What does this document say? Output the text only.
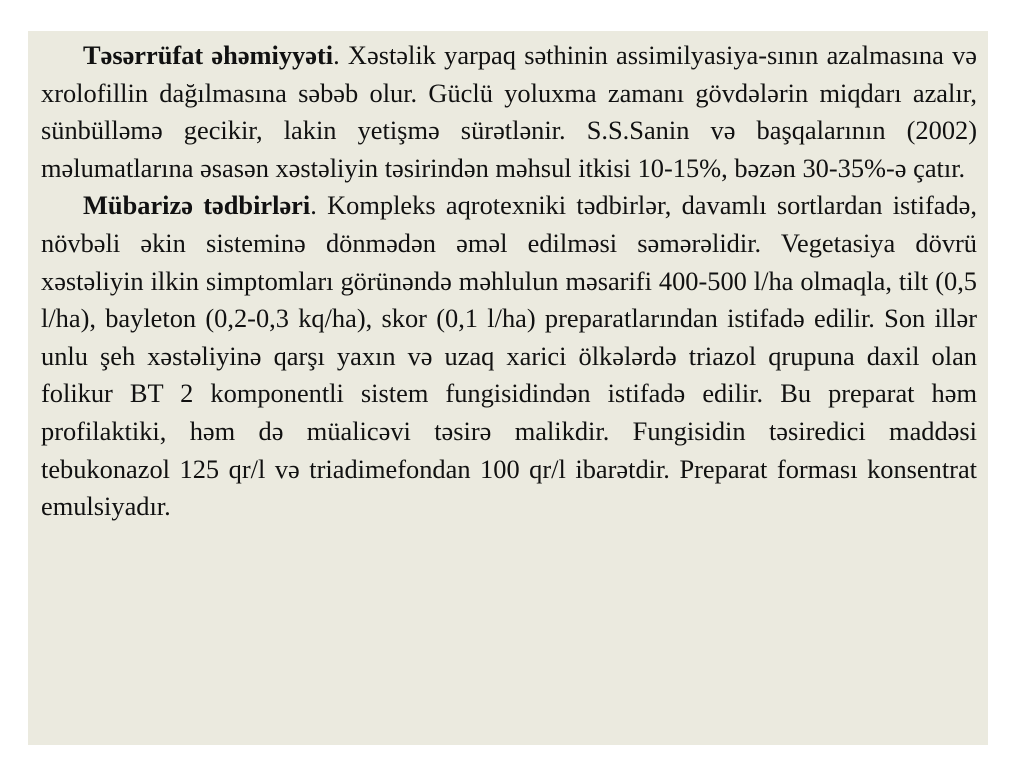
Təsərrüfat əhəmiyyəti. Xəstəlik yarpaq səthinin assimilyasiya-sının azalmasına və xrolofillin dağılmasına səbəb olur. Güclü yoluxma zamanı gövdələrin miqdarı azalır, sünbülləmə gecikir, lakin yetişmə sürətlənir. S.S.Sanin və başqalarının (2002) məlumatlarına əsasən xəstəliyin təsirindən məhsul itkisi 10-15%, bəzən 30-35%-ə çatır.

Mübarizə tədbirləri. Kompleks aqrotexniki tədbirlər, davamlı sortlardan istifadə, növbəli əkin sisteminə dönmədən əməl edilməsi səmərəlidir. Vegetasiya dövrü xəstəliyin ilkin simptomları görünəndə məhlulun məsarifi 400-500 l/ha olmaqla, tilt (0,5 l/ha), bayleton (0,2-0,3 kq/ha), skor (0,1 l/ha) preparatlarından istifadə edilir. Son illər unlu şeh xəstəliyinə qarşı yaxın və uzaq xarici ölkələrdə triazol qrupuna daxil olan folikur BT 2 komponentli sistem fungisidindən istifadə edilir. Bu preparat həm profilaktiki, həm də müalicəvi təsirə malikdir. Fungisidin təsiredici maddəsi tebukonazol 125 qr/l və triadimefondan 100 qr/l ibarətdir. Preparat forması konsentrat emulsiyadır.
